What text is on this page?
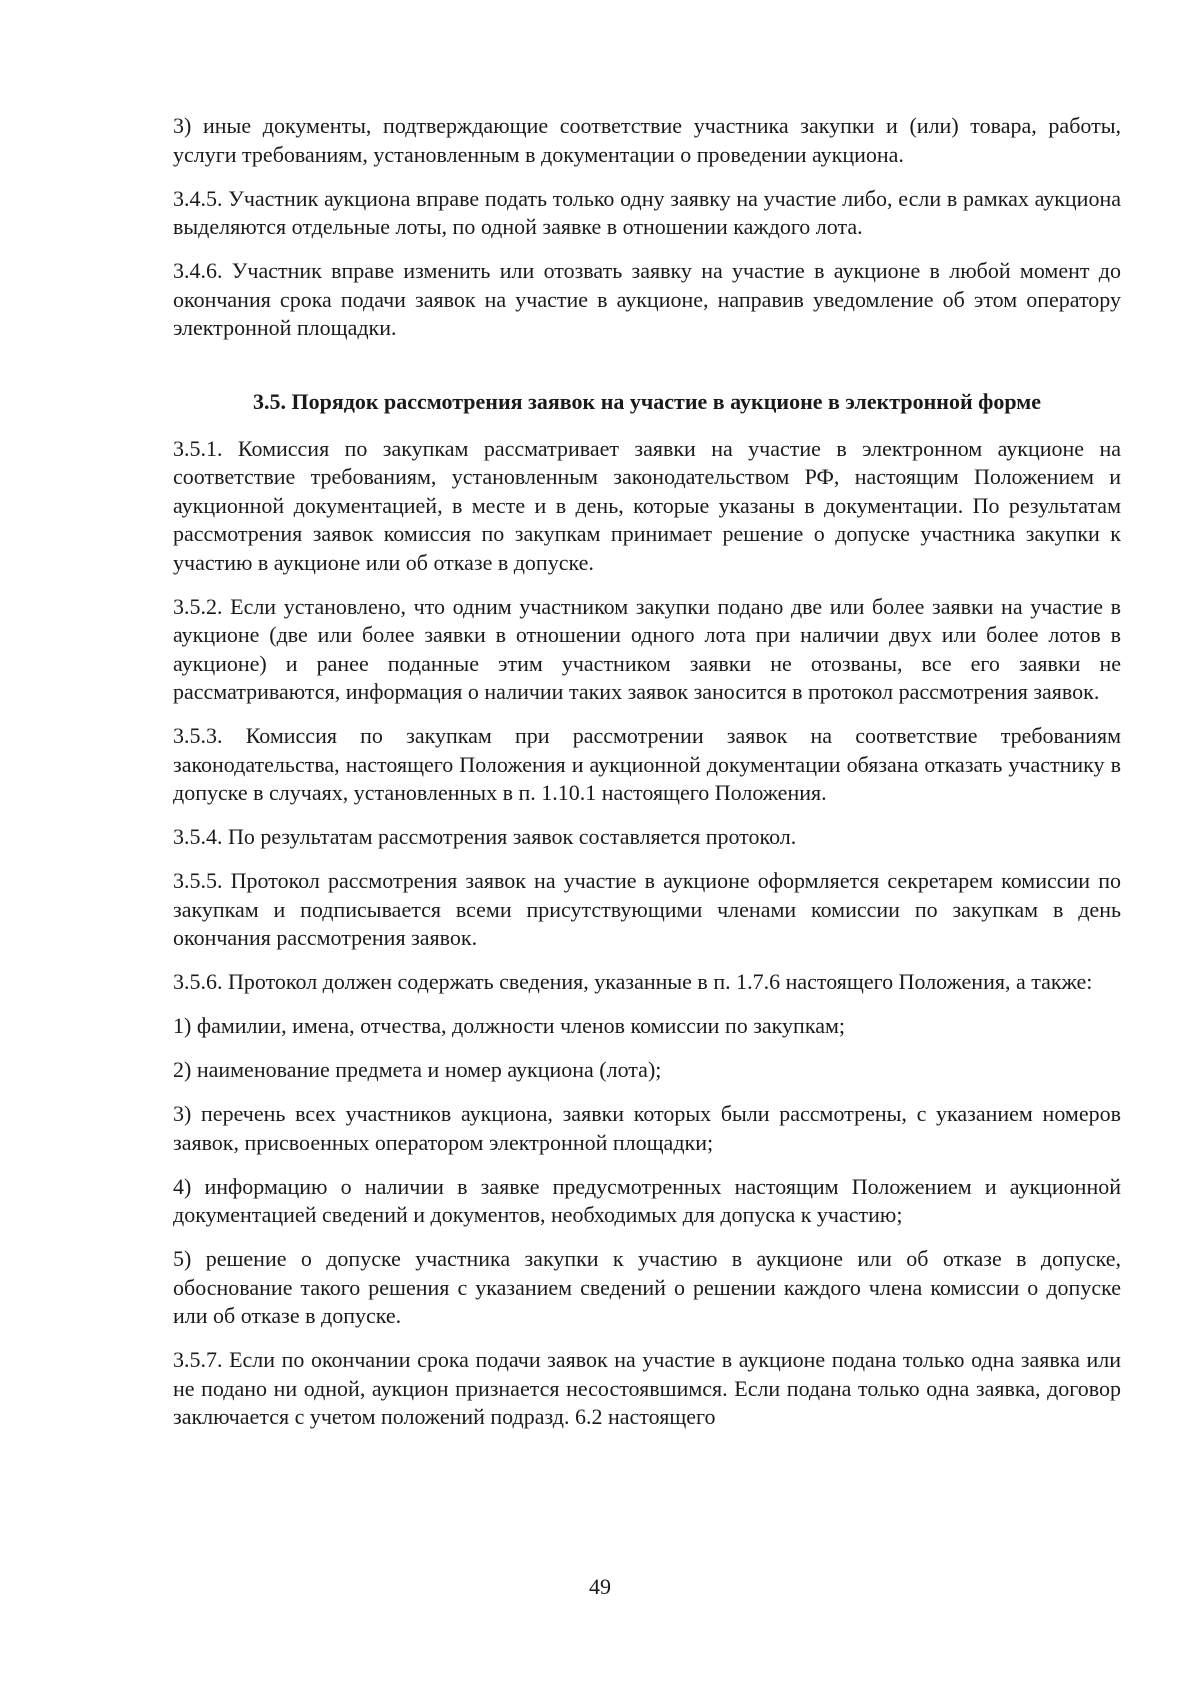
3) иные документы, подтверждающие соответствие участника закупки и (или) товара, работы, услуги требованиям, установленным в документации о проведении аукциона.

3.4.5. Участник аукциона вправе подать только одну заявку на участие либо, если в рамках аукциона выделяются отдельные лоты, по одной заявке в отношении каждого лота.

3.4.6. Участник вправе изменить или отозвать заявку на участие в аукционе в любой момент до окончания срока подачи заявок на участие в аукционе, направив уведомление об этом оператору электронной площадки.

3.5. Порядок рассмотрения заявок на участие в аукционе в электронной форме

3.5.1. Комиссия по закупкам рассматривает заявки на участие в электронном аукционе на соответствие требованиям, установленным законодательством РФ, настоящим Положением и аукционной документацией, в месте и в день, которые указаны в документации. По результатам рассмотрения заявок комиссия по закупкам принимает решение о допуске участника закупки к участию в аукционе или об отказе в допуске.

3.5.2. Если установлено, что одним участником закупки подано две или более заявки на участие в аукционе (две или более заявки в отношении одного лота при наличии двух или более лотов в аукционе) и ранее поданные этим участником заявки не отозваны, все его заявки не рассматриваются, информация о наличии таких заявок заносится в протокол рассмотрения заявок.

3.5.3. Комиссия по закупкам при рассмотрении заявок на соответствие требованиям законодательства, настоящего Положения и аукционной документации обязана отказать участнику в допуске в случаях, установленных в п. 1.10.1 настоящего Положения.

3.5.4. По результатам рассмотрения заявок составляется протокол.

3.5.5. Протокол рассмотрения заявок на участие в аукционе оформляется секретарем комиссии по закупкам и подписывается всеми присутствующими членами комиссии по закупкам в день окончания рассмотрения заявок.

3.5.6. Протокол должен содержать сведения, указанные в п. 1.7.6 настоящего Положения, а также:

1) фамилии, имена, отчества, должности членов комиссии по закупкам;

2) наименование предмета и номер аукциона (лота);

3) перечень всех участников аукциона, заявки которых были рассмотрены, с указанием номеров заявок, присвоенных оператором электронной площадки;

4) информацию о наличии в заявке предусмотренных настоящим Положением и аукционной документацией сведений и документов, необходимых для допуска к участию;

5) решение о допуске участника закупки к участию в аукционе или об отказе в допуске, обоснование такого решения с указанием сведений о решении каждого члена комиссии о допуске или об отказе в допуске.

3.5.7. Если по окончании срока подачи заявок на участие в аукционе подана только одна заявка или не подано ни одной, аукцион признается несостоявшимся. Если подана только одна заявка, договор заключается с учетом положений подразд. 6.2 настоящего

49
